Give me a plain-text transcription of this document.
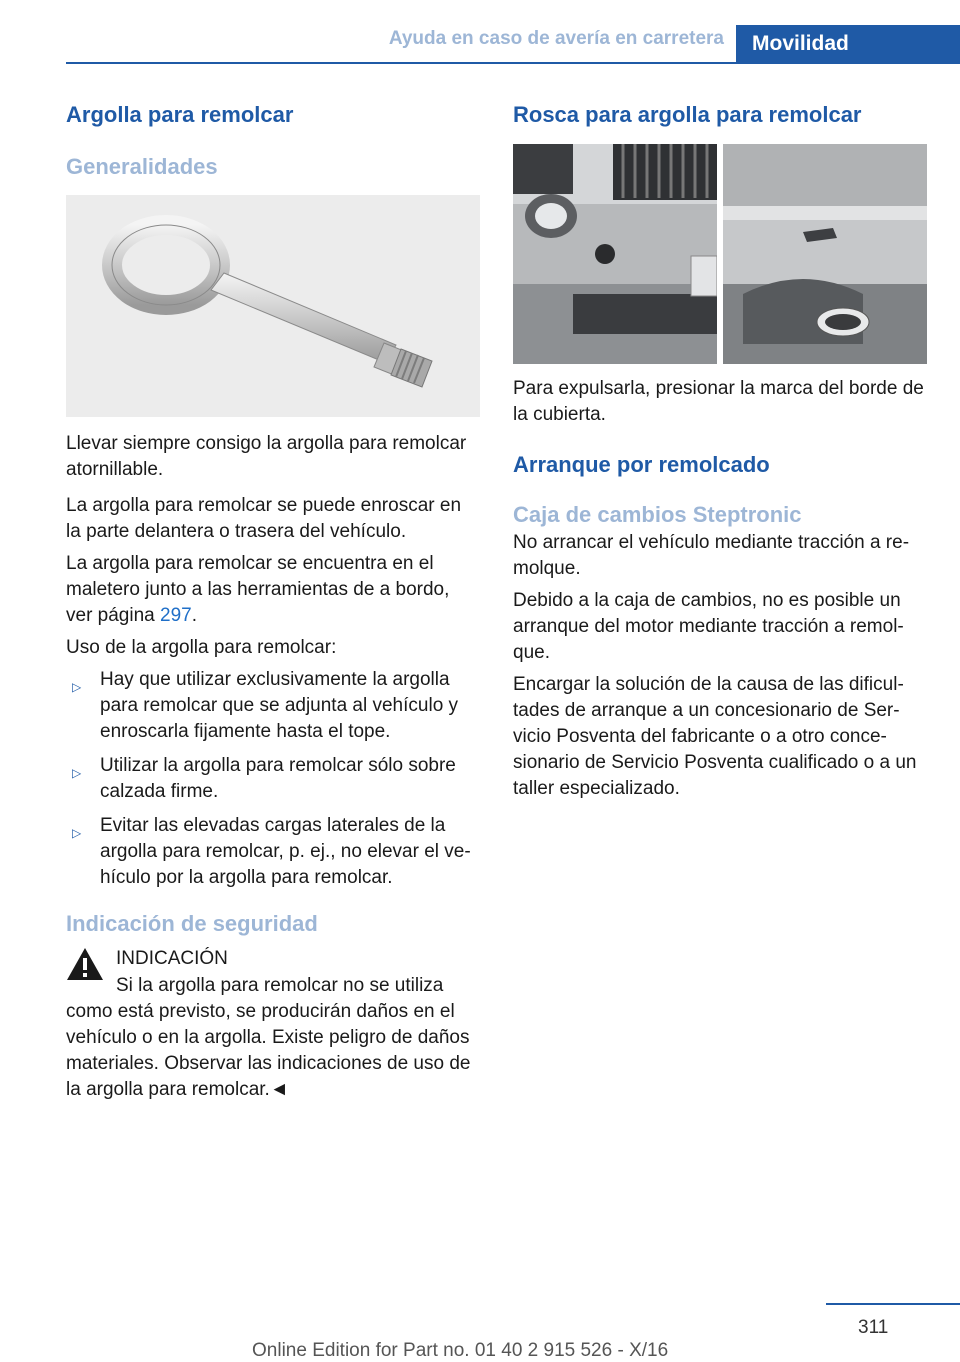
Ayuda en caso de avería en carretera	Movilidad
Argolla para remolcar
Generalidades

Llevar siempre consigo la argolla para remolcar atornillable.

La argolla para remolcar se puede enroscar en la parte delantera o trasera del vehículo.

La argolla para remolcar se encuentra en el maletero junto a las herramientas de a bordo, ver página 297.

Uso de la argolla para remolcar:

▷ Hay que utilizar exclusivamente la argolla para remolcar que se adjunta al vehículo y enroscarla fijamente hasta el tope.
▷ Utilizar la argolla para remolcar sólo sobre calzada firme.
▷ Evitar las elevadas cargas laterales de la argolla para remolcar, p. ej., no elevar el ve-hículo por la argolla para remolcar.
Indicación de seguridad
INDICACIÓN
Si la argolla para remolcar no se utiliza como está previsto, se producirán daños en el vehículo o en la argolla. Existe peligro de daños materiales. Observar las indicaciones de uso de la argolla para remolcar.◄
Rosca para argolla para remolcar

Para expulsarla, presionar la marca del borde de la cubierta.

Arranque por remolcado
Caja de cambios Steptronic

No arrancar el vehículo mediante tracción a re-molque.

Debido a la caja de cambios, no es posible un arranque del motor mediante tracción a remol-que.

Encargar la solución de la causa de las dificul-tades de arranque a un concesionario de Ser-vicio Posventa del fabricante o a otro conce-sionario de Servicio Posventa cualificado o a un taller especializado.

311
Online Edition for Part no. 01 40 2 915 526 - X/16
